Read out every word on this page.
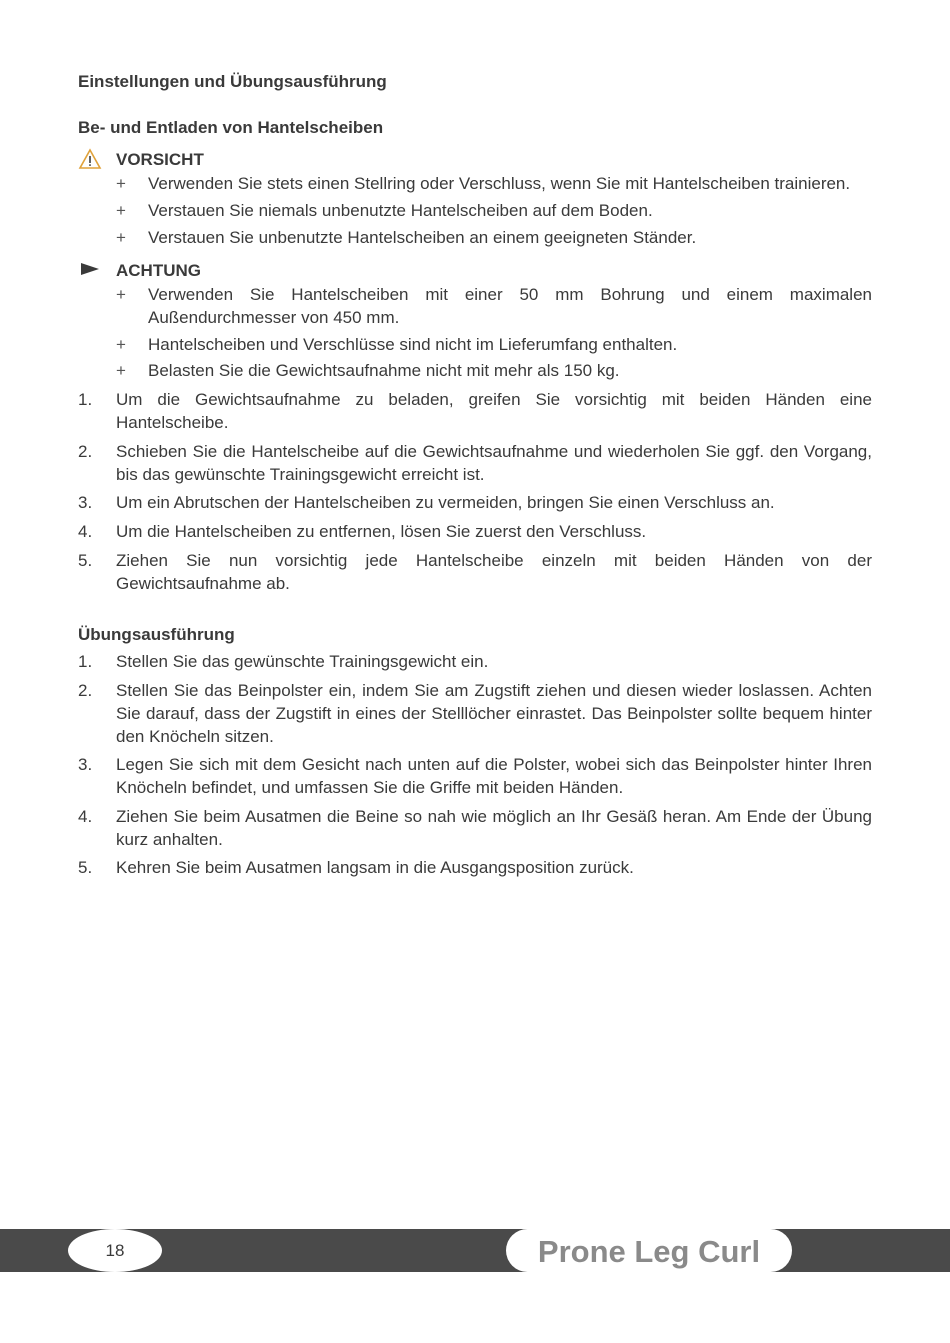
Einstellungen und Übungsausführung
Be- und Entladen von Hantelscheiben
VORSICHT
+ Verwenden Sie stets einen Stellring oder Verschluss, wenn Sie mit Hantelscheiben trainieren.
+ Verstauen Sie niemals unbenutzte Hantelscheiben auf dem Boden.
+ Verstauen Sie unbenutzte Hantelscheiben an einem geeigneten Ständer.
ACHTUNG
+ Verwenden Sie Hantelscheiben mit einer 50 mm Bohrung und einem maximalen Außendurchmesser von 450 mm.
+ Hantelscheiben und Verschlüsse sind nicht im Lieferumfang enthalten.
+ Belasten Sie die Gewichtsaufnahme nicht mit mehr als 150 kg.
1. Um die Gewichtsaufnahme zu beladen, greifen Sie vorsichtig mit beiden Händen eine Hantelscheibe.
2. Schieben Sie die Hantelscheibe auf die Gewichtsaufnahme und wiederholen Sie ggf. den Vorgang, bis das gewünschte Trainingsgewicht erreicht ist.
3. Um ein Abrutschen der Hantelscheiben zu vermeiden, bringen Sie einen Verschluss an.
4. Um die Hantelscheiben zu entfernen, lösen Sie zuerst den Verschluss.
5. Ziehen Sie nun vorsichtig jede Hantelscheibe einzeln mit beiden Händen von der Gewichtsaufnahme ab.
Übungsausführung
1. Stellen Sie das gewünschte Trainingsgewicht ein.
2. Stellen Sie das Beinpolster ein, indem Sie am Zugstift ziehen und diesen wieder loslassen. Achten Sie darauf, dass der Zugstift in eines der Stelllöcher einrastet. Das Beinpolster sollte bequem hinter den Knöcheln sitzen.
3. Legen Sie sich mit dem Gesicht nach unten auf die Polster, wobei sich das Beinpolster hinter Ihren Knöcheln befindet, und umfassen Sie die Griffe mit beiden Händen.
4. Ziehen Sie beim Ausatmen die Beine so nah wie möglich an Ihr Gesäß heran. Am Ende der Übung kurz anhalten.
5. Kehren Sie beim Ausatmen langsam in die Ausgangsposition zurück.
18	Prone Leg Curl
